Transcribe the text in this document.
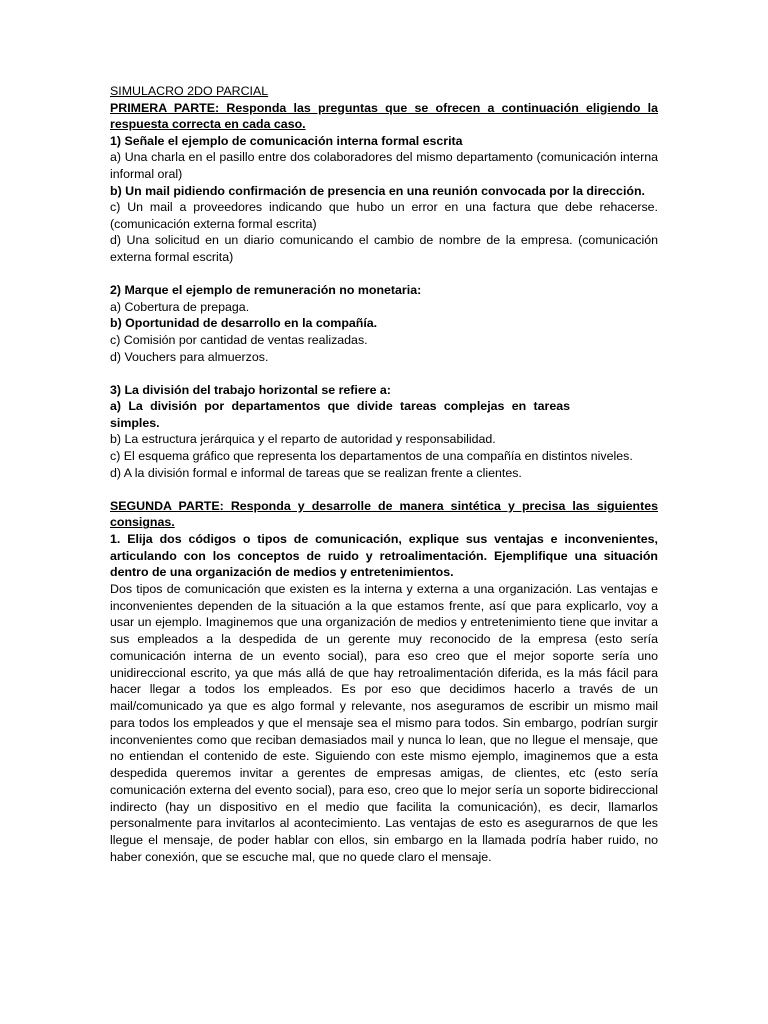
SIMULACRO 2DO PARCIAL

PRIMERA PARTE: Responda las preguntas que se ofrecen a continuación eligiendo la respuesta correcta en cada caso.

1) Señale el ejemplo de comunicación interna formal escrita

a) Una charla en el pasillo entre dos colaboradores del mismo departamento (comunicación interna informal oral)

b) Un mail pidiendo confirmación de presencia en una reunión convocada por la dirección.

c) Un mail a proveedores indicando que hubo un error en una factura que debe rehacerse. (comunicación externa formal escrita)

d) Una solicitud en un diario comunicando el cambio de nombre de la empresa. (comunicación externa formal escrita)

2) Marque el ejemplo de remuneración no monetaria:

a) Cobertura de prepaga.

b) Oportunidad de desarrollo en la compañía.

c) Comisión por cantidad de ventas realizadas.

d) Vouchers para almuerzos.

3) La división del trabajo horizontal se refiere a:

a) La división por departamentos que divide tareas complejas en tareas simples.

b) La estructura jerárquica y el reparto de autoridad y responsabilidad.

c) El esquema gráfico que representa los departamentos de una compañía en distintos niveles.

d) A la división formal e informal de tareas que se realizan frente a clientes.

SEGUNDA PARTE: Responda y desarrolle de manera sintética y precisa las siguientes consignas.

1. Elija dos códigos o tipos de comunicación, explique sus ventajas e inconvenientes, articulando con los conceptos de ruido y retroalimentación. Ejemplifique una situación dentro de una organización de medios y entretenimientos.

Dos tipos de comunicación que existen es la interna y externa a una organización. Las ventajas e inconvenientes dependen de la situación a la que estamos frente, así que para explicarlo, voy a usar un ejemplo. Imaginemos que una organización de medios y entretenimiento tiene que invitar a sus empleados a la despedida de un gerente muy reconocido de la empresa (esto sería comunicación interna de un evento social), para eso creo que el mejor soporte sería uno unidireccional escrito, ya que más allá de que hay retroalimentación diferida, es la más fácil para hacer llegar a todos los empleados. Es por eso que decidimos hacerlo a través de un mail/comunicado ya que es algo formal y relevante, nos aseguramos de escribir un mismo mail para todos los empleados y que el mensaje sea el mismo para todos. Sin embargo, podrían surgir inconvenientes como que reciban demasiados mail y nunca lo lean, que no llegue el mensaje, que no entiendan el contenido de este. Siguiendo con este mismo ejemplo, imaginemos que a esta despedida queremos invitar a gerentes de empresas amigas, de clientes, etc (esto sería comunicación externa del evento social), para eso, creo que lo mejor sería un soporte bidireccional indirecto (hay un dispositivo en el medio que facilita la comunicación), es decir, llamarlos personalmente para invitarlos al acontecimiento. Las ventajas de esto es asegurarnos de que les llegue el mensaje, de poder hablar con ellos, sin embargo en la llamada podría haber ruido, no haber conexión, que se escuche mal, que no quede claro el mensaje.
